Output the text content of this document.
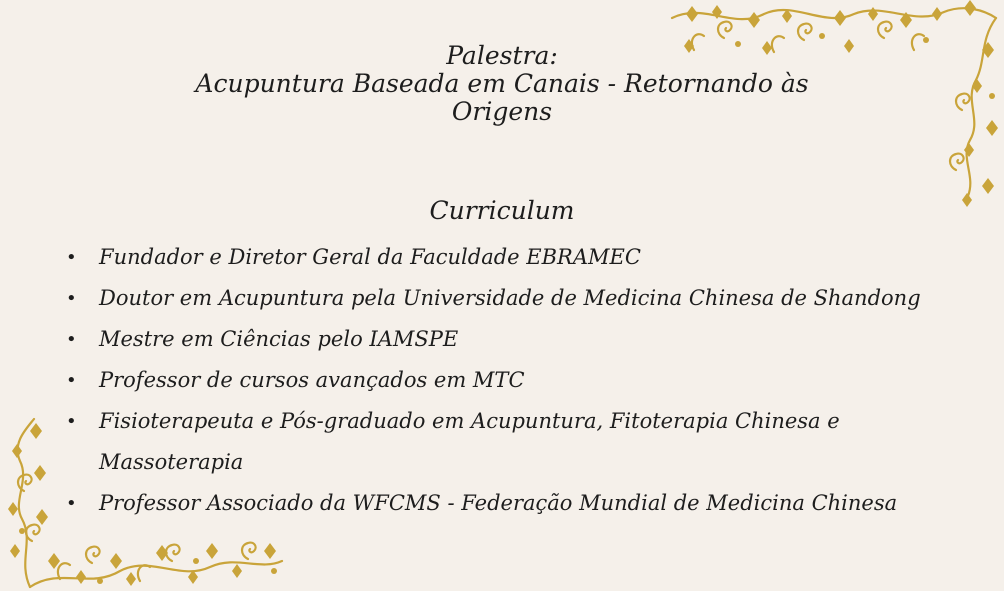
Palestra:

Acupuntura Baseada em Canais - Retornando às Origens
Curriculum
• Fundador e Diretor Geral da Faculdade EBRAMEC
• Doutor em Acupuntura pela Universidade de Medicina Chinesa de Shandong
• Mestre em Ciências pelo IAMSPE
• Professor de cursos avançados em MTC
• Fisioterapeuta e Pós-graduado em Acupuntura, Fitoterapia Chinesa e Massoterapia
• Professor Associado da WFCMS - Federação Mundial de Medicina Chinesa
